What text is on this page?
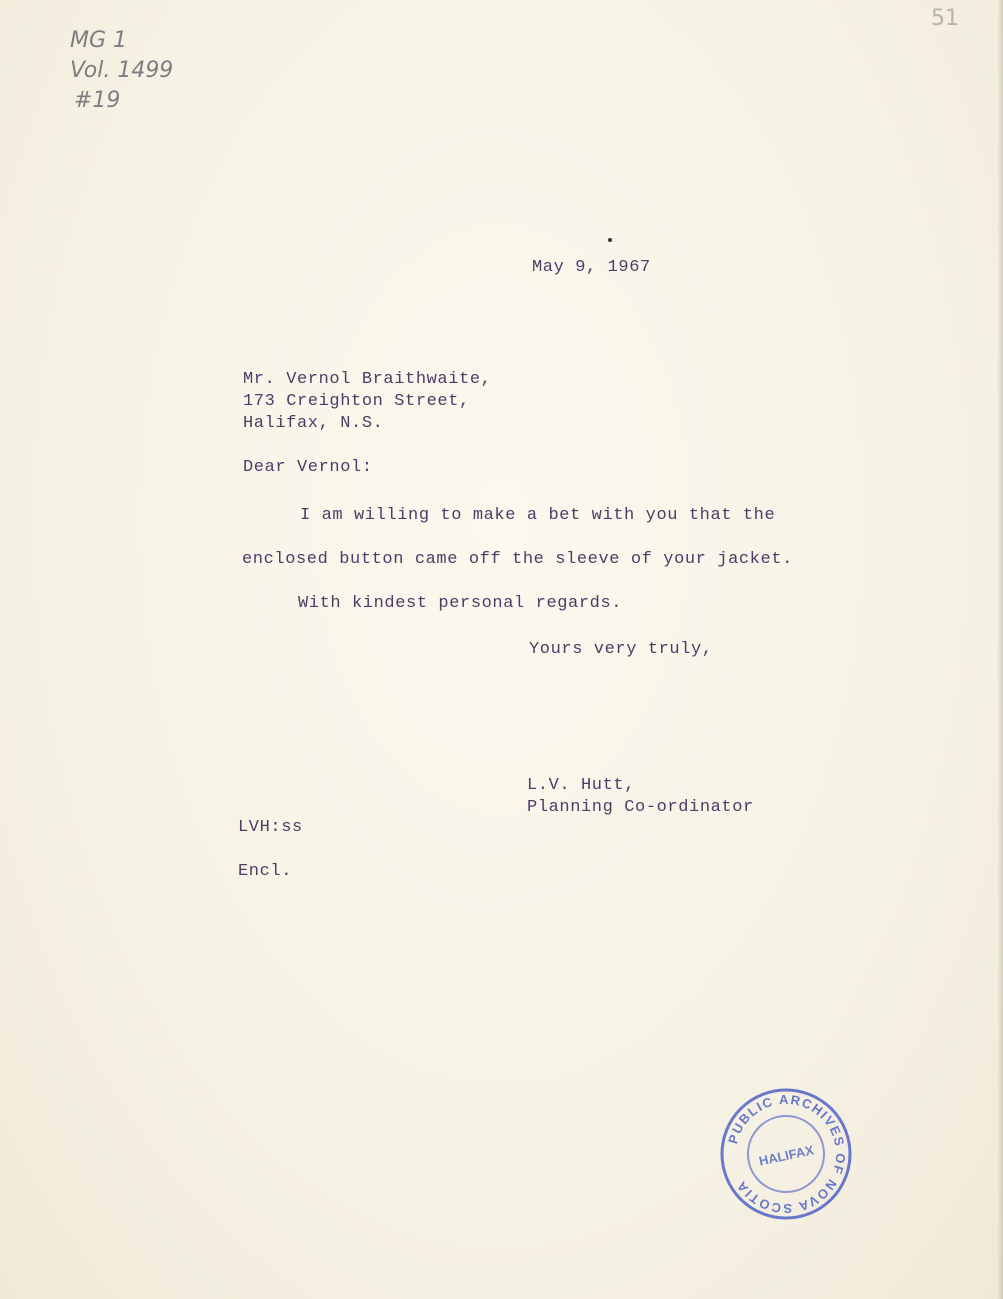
MG 1
Vol. 1499
#19
51
May 9, 1967
Mr. Vernol Braithwaite,
173 Creighton Street,
Halifax, N.S.
Dear Vernol:
I am willing to make a bet with you that the
enclosed button came off the sleeve of your jacket.
With kindest personal regards.
Yours very truly,
L.V. Hutt,
Planning Co-ordinator
LVH:ss
Encl.
PUBLIC ARCHIVES OF NOVA SCOTIA
HALIFAX
